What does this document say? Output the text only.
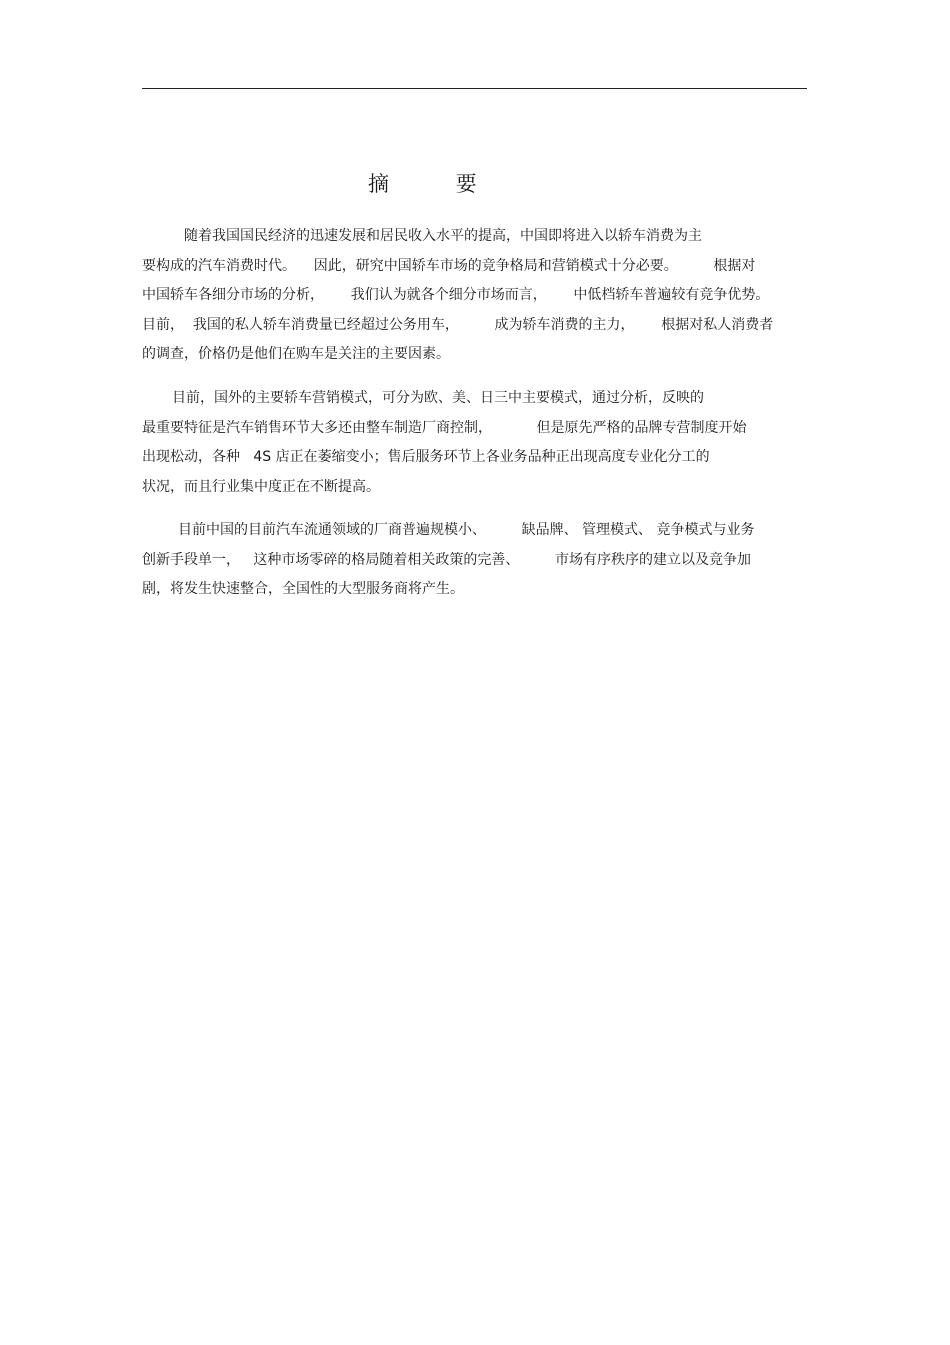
摘 要
随着我国国民经济的迅速发展和居民收入水平的提高，中国即将进入以轿车消费为主
要构成的汽车消费时代。    因此，研究中国轿车市场的竞争格局和营销模式十分必要。        根据对
中国轿车各细分市场的分析，      我们认为就各个细分市场而言，      中低档轿车普遍较有竞争优势。
目前，  我国的私人轿车消费量已经超过公务用车，        成为轿车消费的主力，      根据对私人消费者
的调查，价格仍是他们在购车是关注的主要因素。
目前，国外的主要轿车营销模式，可分为欧、美、日三中主要模式，通过分析，反映的
最重要特征是汽车销售环节大多还由整车制造厂商控制，          但是原先严格的品牌专营制度开始
出现松动，各种   4S 店正在萎缩变小；售后服务环节上各业务品种正出现高度专业化分工的
状况，而且行业集中度正在不断提高。
目前中国的目前汽车流通领域的厂商普遍规模小、        缺品牌、 管理模式、 竞争模式与业务
创新手段单一，   这种市场零碎的格局随着相关政策的完善、        市场有序秩序的建立以及竞争加
剧，将发生快速整合，全国性的大型服务商将产生。
